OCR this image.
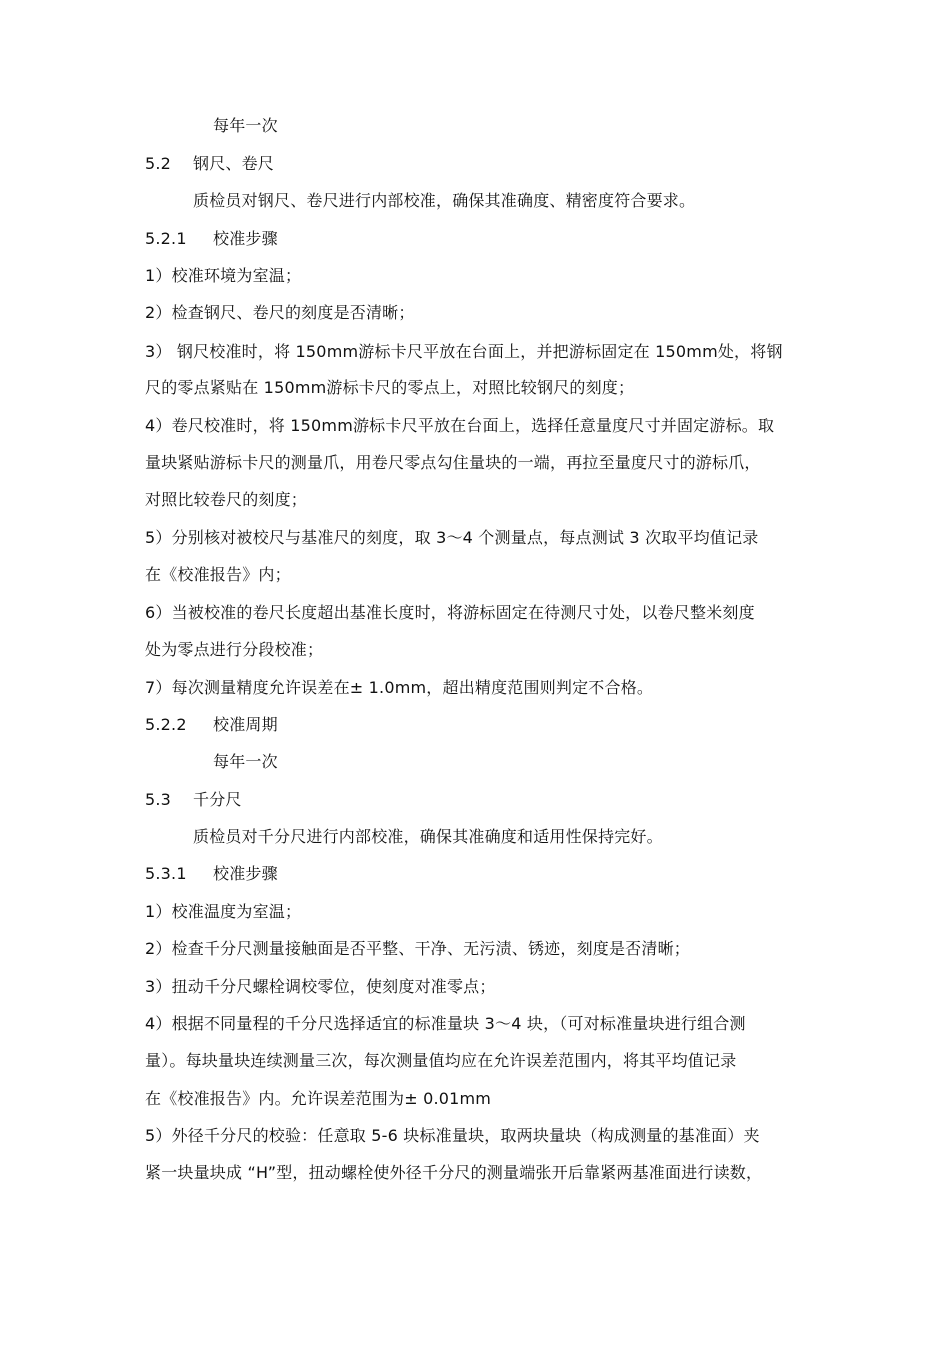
每年一次
5.2 钢尺、卷尺
质检员对钢尺、卷尺进行内部校准，确保其准确度、精密度符合要求。
5.2.1 校准步骤
1）校准环境为室温；
2）检查钢尺、卷尺的刻度是否清晰；
3） 钢尺校准时，将 150mm游标卡尺平放在台面上，并把游标固定在 150mm处，将钢
尺的零点紧贴在 150mm游标卡尺的零点上，对照比较钢尺的刻度；
4）卷尺校准时，将 150mm游标卡尺平放在台面上，选择任意量度尺寸并固定游标。取
量块紧贴游标卡尺的测量爪，用卷尺零点勾住量块的一端，再拉至量度尺寸的游标爪，
对照比较卷尺的刻度；
5）分别核对被校尺与基准尺的刻度，取 3～4 个测量点，每点测试 3 次取平均值记录
在《校准报告》内；
6）当被校准的卷尺长度超出基准长度时，将游标固定在待测尺寸处，以卷尺整米刻度
处为零点进行分段校准；
7）每次测量精度允许误差在± 1.0mm，超出精度范围则判定不合格。
5.2.2 校准周期
每年一次
5.3 千分尺
质检员对千分尺进行内部校准，确保其准确度和适用性保持完好。
5.3.1 校准步骤
1）校准温度为室温；
2）检查千分尺测量接触面是否平整、干净、无污渍、锈迹，刻度是否清晰；
3）扭动千分尺螺栓调校零位，使刻度对准零点；
4）根据不同量程的千分尺选择适宜的标准量块 3～4 块，（可对标准量块进行组合测
量）。每块量块连续测量三次，每次测量值均应在允许误差范围内，将其平均值记录
在《校准报告》内。允许误差范围为± 0.01mm
5）外径千分尺的校验：任意取 5-6 块标准量块，取两块量块（构成测量的基准面）夹
紧一块量块成 “H”型，扭动螺栓使外径千分尺的测量端张开后靠紧两基准面进行读数，
